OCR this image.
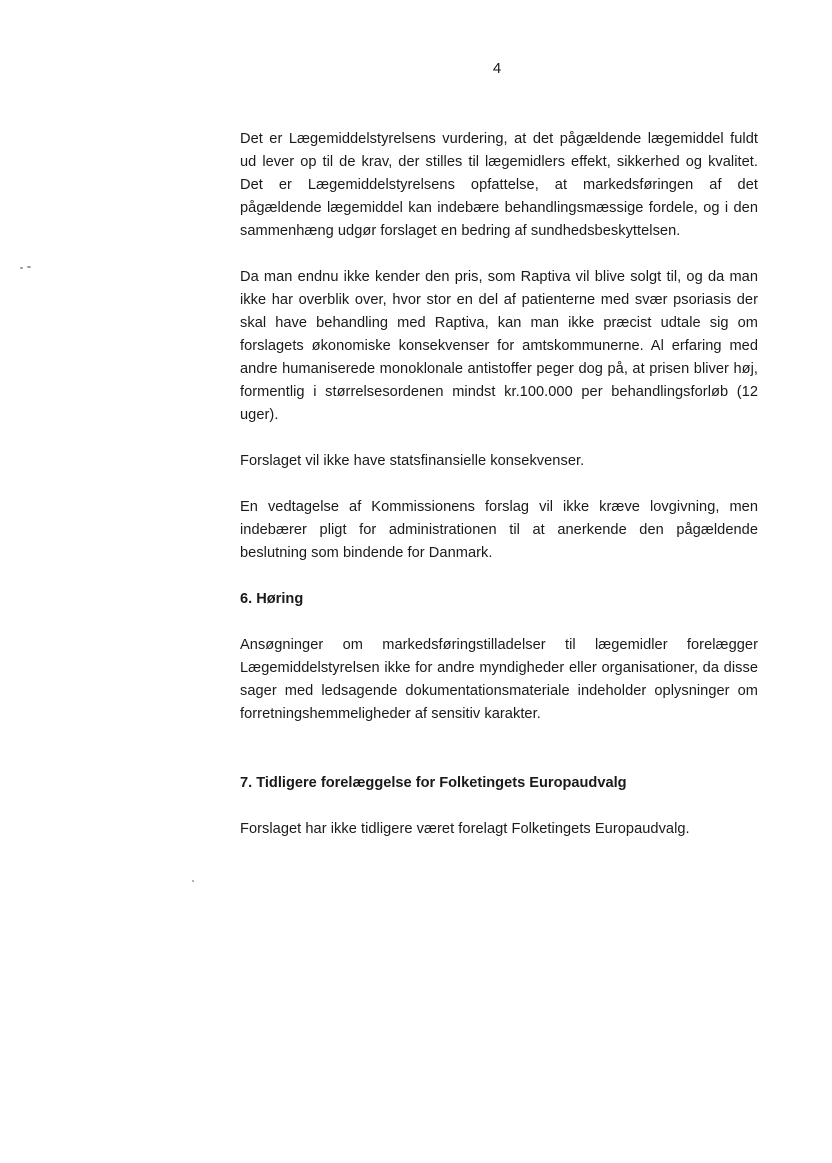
4

Det er Lægemiddelstyrelsens vurdering, at det pågældende lægemiddel fuldt ud lever op til de krav, der stilles til lægemidlers effekt, sikkerhed og kvalitet. Det er Lægemiddelstyrelsens opfattelse, at markedsføringen af det pågældende lægemiddel kan indebære behandlingsmæssige fordele, og i den sammenhæng udgør forslaget en bedring af sundhedsbeskyttelsen.

Da man endnu ikke kender den pris, som Raptiva vil blive solgt til, og da man ikke har overblik over, hvor stor en del af patienterne med svær psoriasis der skal have behandling med Raptiva, kan man ikke præcist udtale sig om forslagets økonomiske konsekvenser for amtskommunerne. Al erfaring med andre humaniserede monoklonale antistoffer peger dog på, at prisen bliver høj, formentlig i størrelsesordenen mindst kr.100.000 per behandlingsforløb (12 uger).

Forslaget vil ikke have statsfinansielle konsekvenser.

En vedtagelse af Kommissionens forslag vil ikke kræve lovgivning, men indebærer pligt for administrationen til at anerkende den pågældende beslutning som bindende for Danmark.

6. Høring

Ansøgninger om markedsføringstilladelser til lægemidler forelægger Lægemiddelstyrelsen ikke for andre myndigheder eller organisationer, da disse sager med ledsagende dokumentationsmateriale indeholder oplysninger om forretningshemmeligheder af sensitiv karakter.

7. Tidligere forelæggelse for Folketingets Europaudvalg

Forslaget har ikke tidligere været forelagt Folketingets Europaudvalg.
